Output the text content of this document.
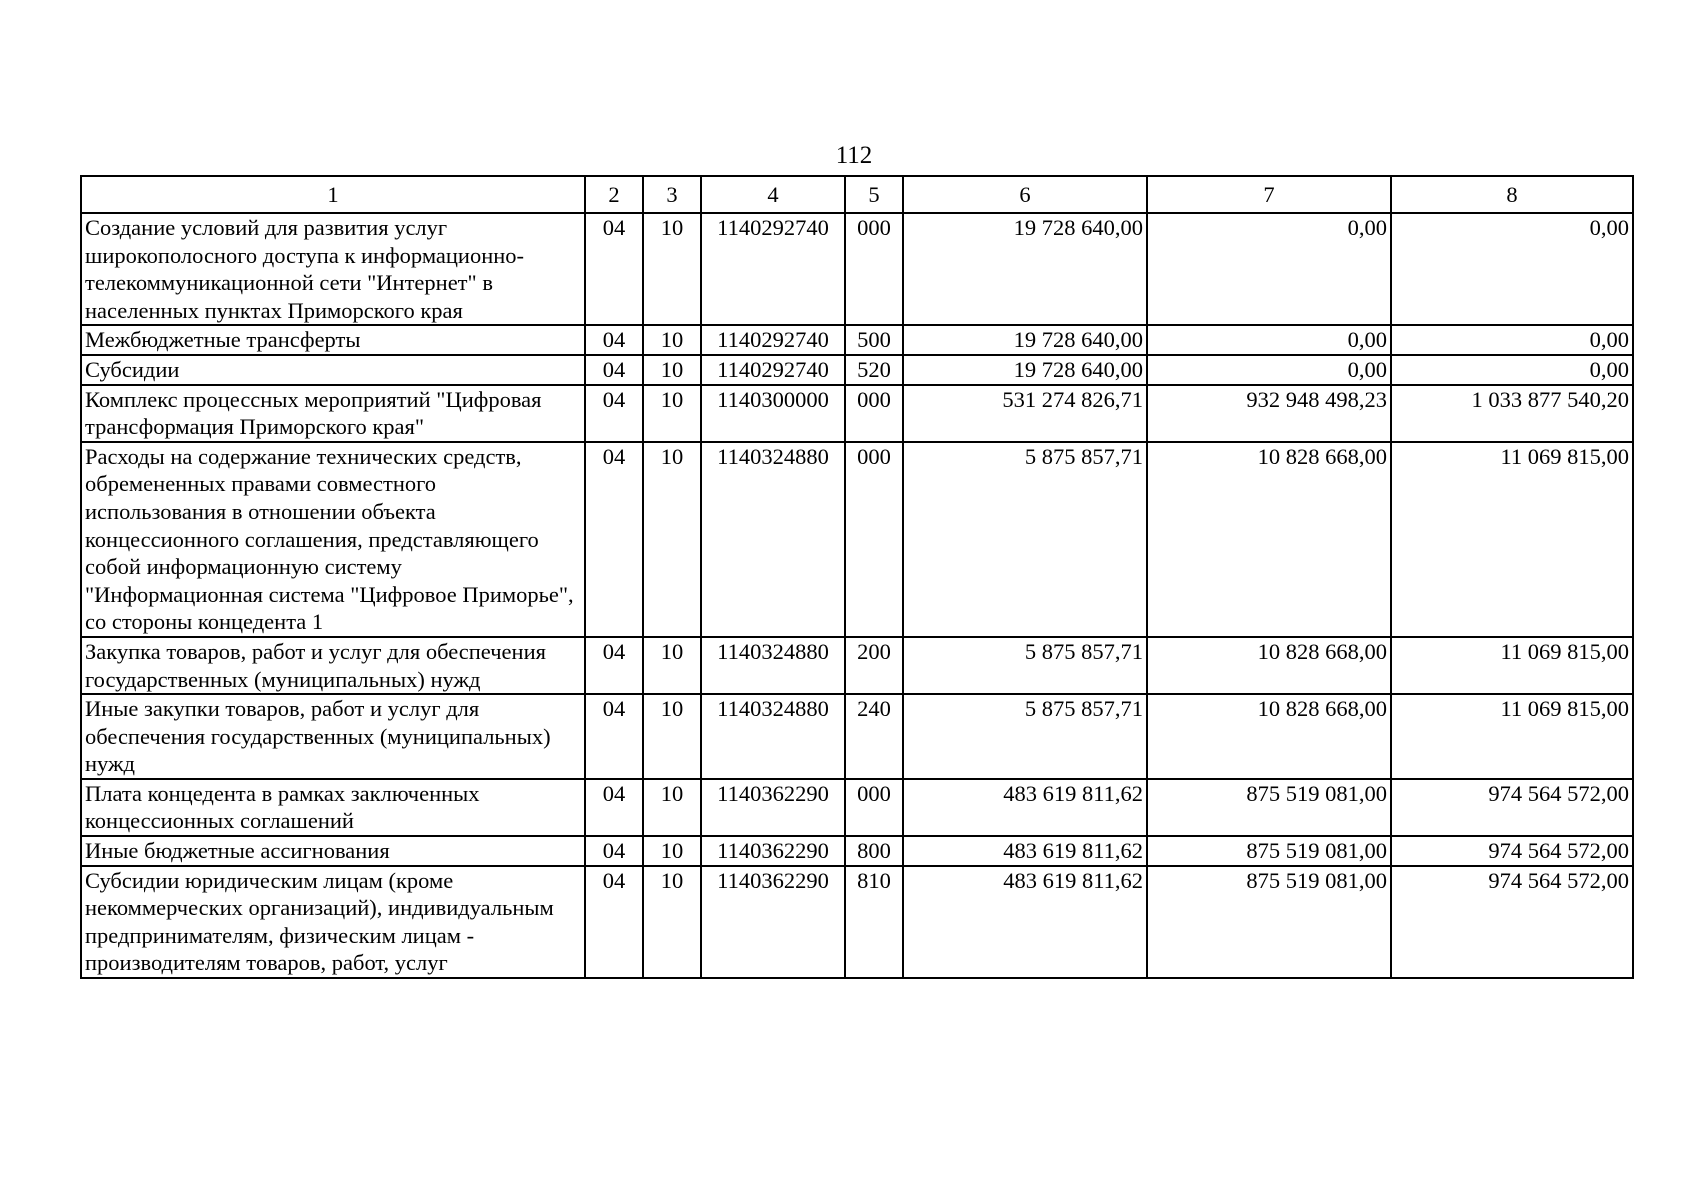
112
1	2	3	4	5	6	7	8
Создание условий для развития услуг широкополосного доступа к информационно-телекоммуникационной сети "Интернет" в населенных пунктах Приморского края	04	10	1140292740	000	19 728 640,00	0,00	0,00
Межбюджетные трансферты	04	10	1140292740	500	19 728 640,00	0,00	0,00
Субсидии	04	10	1140292740	520	19 728 640,00	0,00	0,00
Комплекс процессных мероприятий "Цифровая трансформация Приморского края"	04	10	1140300000	000	531 274 826,71	932 948 498,23	1 033 877 540,20
Расходы на содержание технических средств, обремененных правами совместного использования в отношении объекта концессионного соглашения, представляющего собой информационную систему "Информационная система "Цифровое Приморье", со стороны концедента 1	04	10	1140324880	000	5 875 857,71	10 828 668,00	11 069 815,00
Закупка товаров, работ и услуг для обеспечения государственных (муниципальных) нужд	04	10	1140324880	200	5 875 857,71	10 828 668,00	11 069 815,00
Иные закупки товаров, работ и услуг для обеспечения государственных (муниципальных) нужд	04	10	1140324880	240	5 875 857,71	10 828 668,00	11 069 815,00
Плата концедента в рамках заключенных концессионных соглашений	04	10	1140362290	000	483 619 811,62	875 519 081,00	974 564 572,00
Иные бюджетные ассигнования	04	10	1140362290	800	483 619 811,62	875 519 081,00	974 564 572,00
Субсидии юридическим лицам (кроме некоммерческих организаций), индивидуальным предпринимателям, физическим лицам - производителям товаров, работ, услуг	04	10	1140362290	810	483 619 811,62	875 519 081,00	974 564 572,00
